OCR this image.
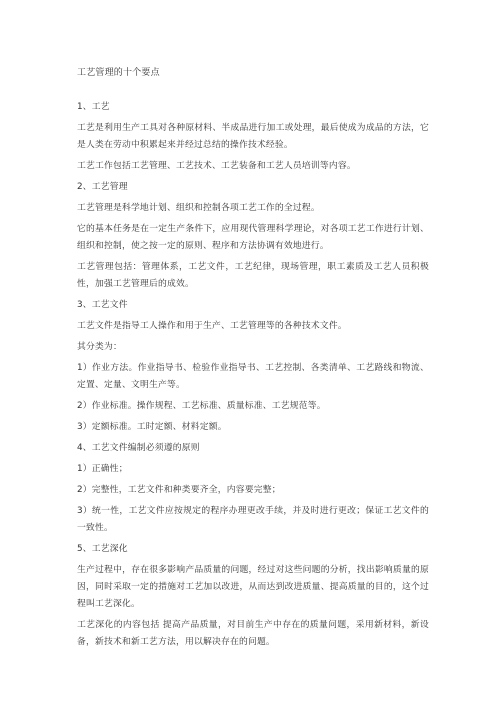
工艺管理的十个要点

1、工艺

工艺是利用生产工具对各种原材料、半成品进行加工或处理，最后使成为成品的方法，它是人类在劳动中积累起来并经过总结的操作技术经验。

工艺工作包括工艺管理、工艺技术、工艺装备和工艺人员培训等内容。

2、工艺管理

工艺管理是科学地计划、组织和控制各项工艺工作的全过程。

它的基本任务是在一定生产条件下，应用现代管理科学理论，对各项工艺工作进行计划、组织和控制，使之按一定的原则、程序和方法协调有效地进行。

工艺管理包括：管理体系，工艺文件，工艺纪律，现场管理，职工素质及工艺人员积极性，加强工艺管理后的成效。

3、工艺文件

工艺文件是指导工人操作和用于生产、工艺管理等的各种技术文件。

其分类为：

1）作业方法。作业指导书、检验作业指导书、工艺控制、各类清单、工艺路线和物流、定置、定量、文明生产等。

2）作业标准。操作规程、工艺标准、质量标准、工艺规范等。

3）定额标准。工时定额、材料定额。

4、工艺文件编制必须遵的原则

1）正确性；

2）完整性，工艺文件和种类要齐全，内容要完整；

3）统一性，工艺文件应按规定的程序办理更改手续，并及时进行更改；保证工艺文件的一致性。

5、工艺深化

生产过程中，存在很多影响产品质量的问题，经过对这些问题的分析，找出影响质量的原因，同时采取一定的措施对工艺加以改进，从而达到改进质量、提高质量的目的，这个过程叫工艺深化。

工艺深化的内容包括 提高产品质量，对目前生产中存在的质量问题，采用新材料，新设备，新技术和新工艺方法，用以解决存在的问题。
